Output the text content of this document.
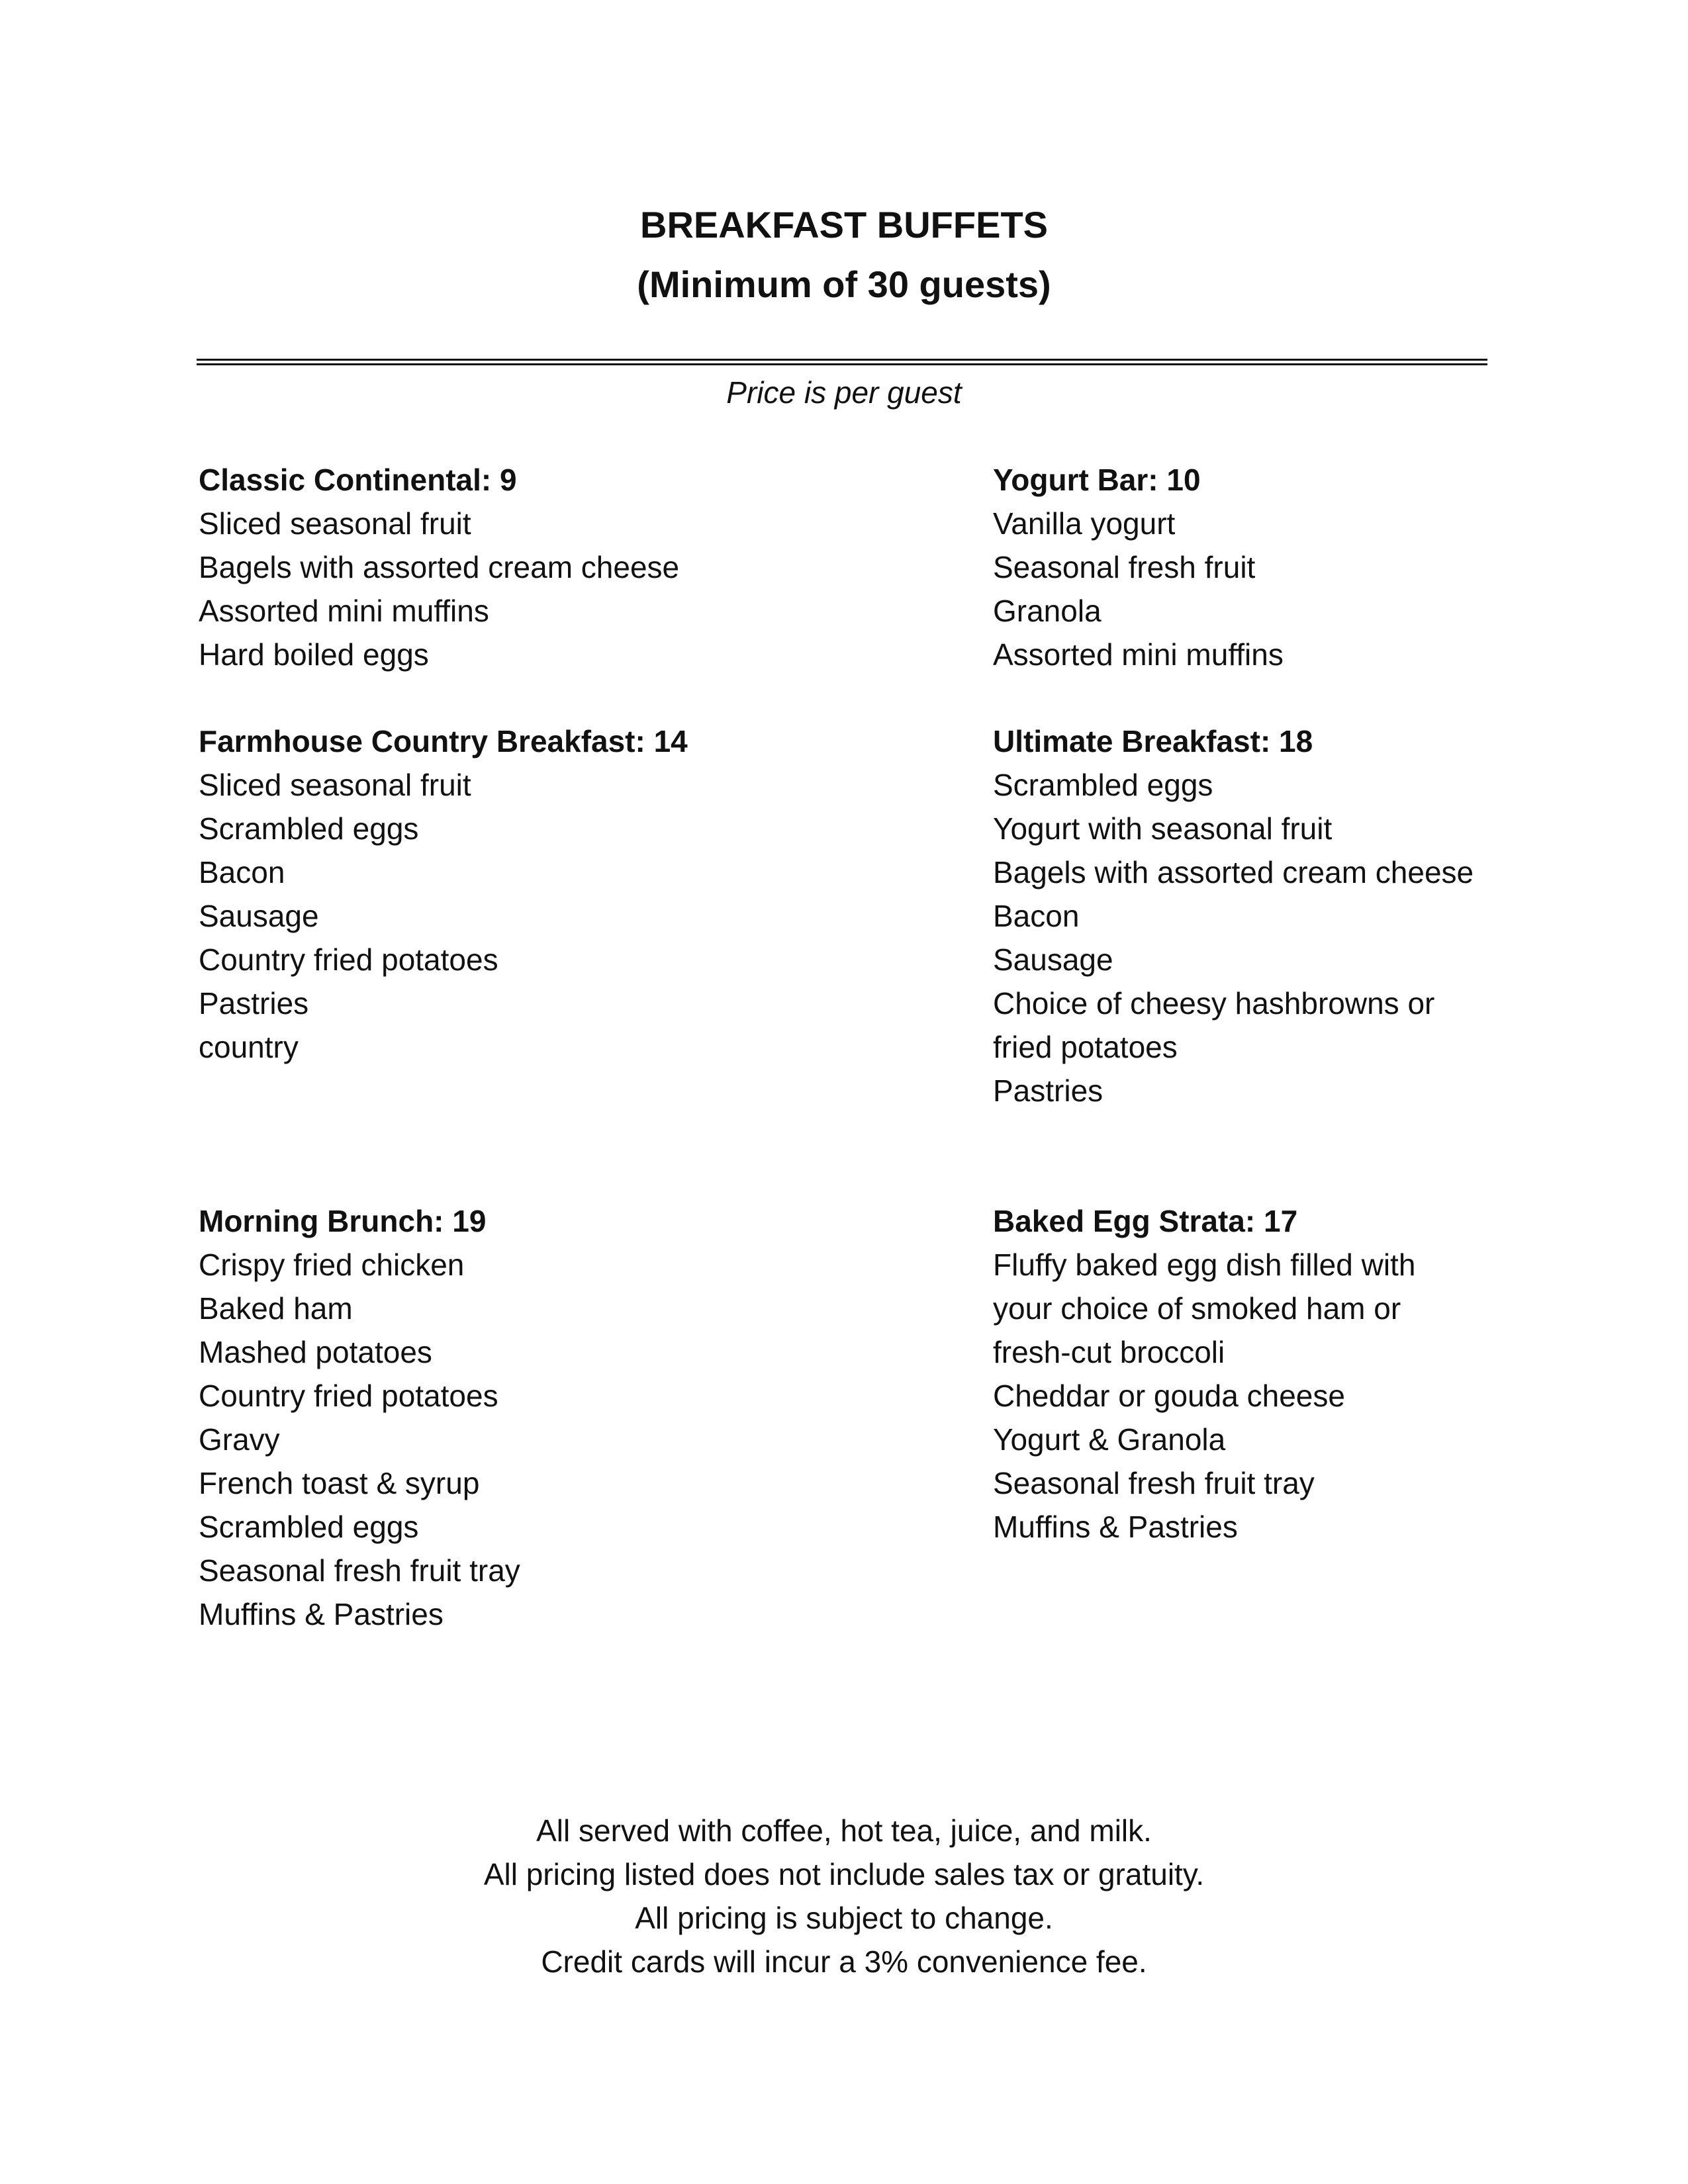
BREAKFAST BUFFETS
(Minimum of 30 guests)
Price is per guest
Classic Continental: 9
Sliced seasonal fruit
Bagels with assorted cream cheese
Assorted mini muffins
Hard boiled eggs
Yogurt Bar: 10
Vanilla yogurt
Seasonal fresh fruit
Granola
Assorted mini muffins
Farmhouse Country Breakfast: 14
Sliced seasonal fruit
Scrambled eggs
Bacon
Sausage
Country fried potatoes
Pastries
country
Ultimate Breakfast: 18
Scrambled eggs
Yogurt with seasonal fruit
Bagels with assorted cream cheese
Bacon
Sausage
Choice of cheesy hashbrowns or
fried potatoes
Pastries
Morning Brunch: 19
Crispy fried chicken
Baked ham
Mashed potatoes
Country fried potatoes
Gravy
French toast & syrup
Scrambled eggs
Seasonal fresh fruit tray
Muffins & Pastries
Baked Egg Strata: 17
Fluffy baked egg dish filled with
your choice of smoked ham or
fresh-cut broccoli
Cheddar or gouda cheese
Yogurt & Granola
Seasonal fresh fruit tray
Muffins & Pastries

All served with coffee, hot tea, juice, and milk.

All pricing listed does not include sales tax or gratuity.

All pricing is subject to change.

Credit cards will incur a 3% convenience fee.
